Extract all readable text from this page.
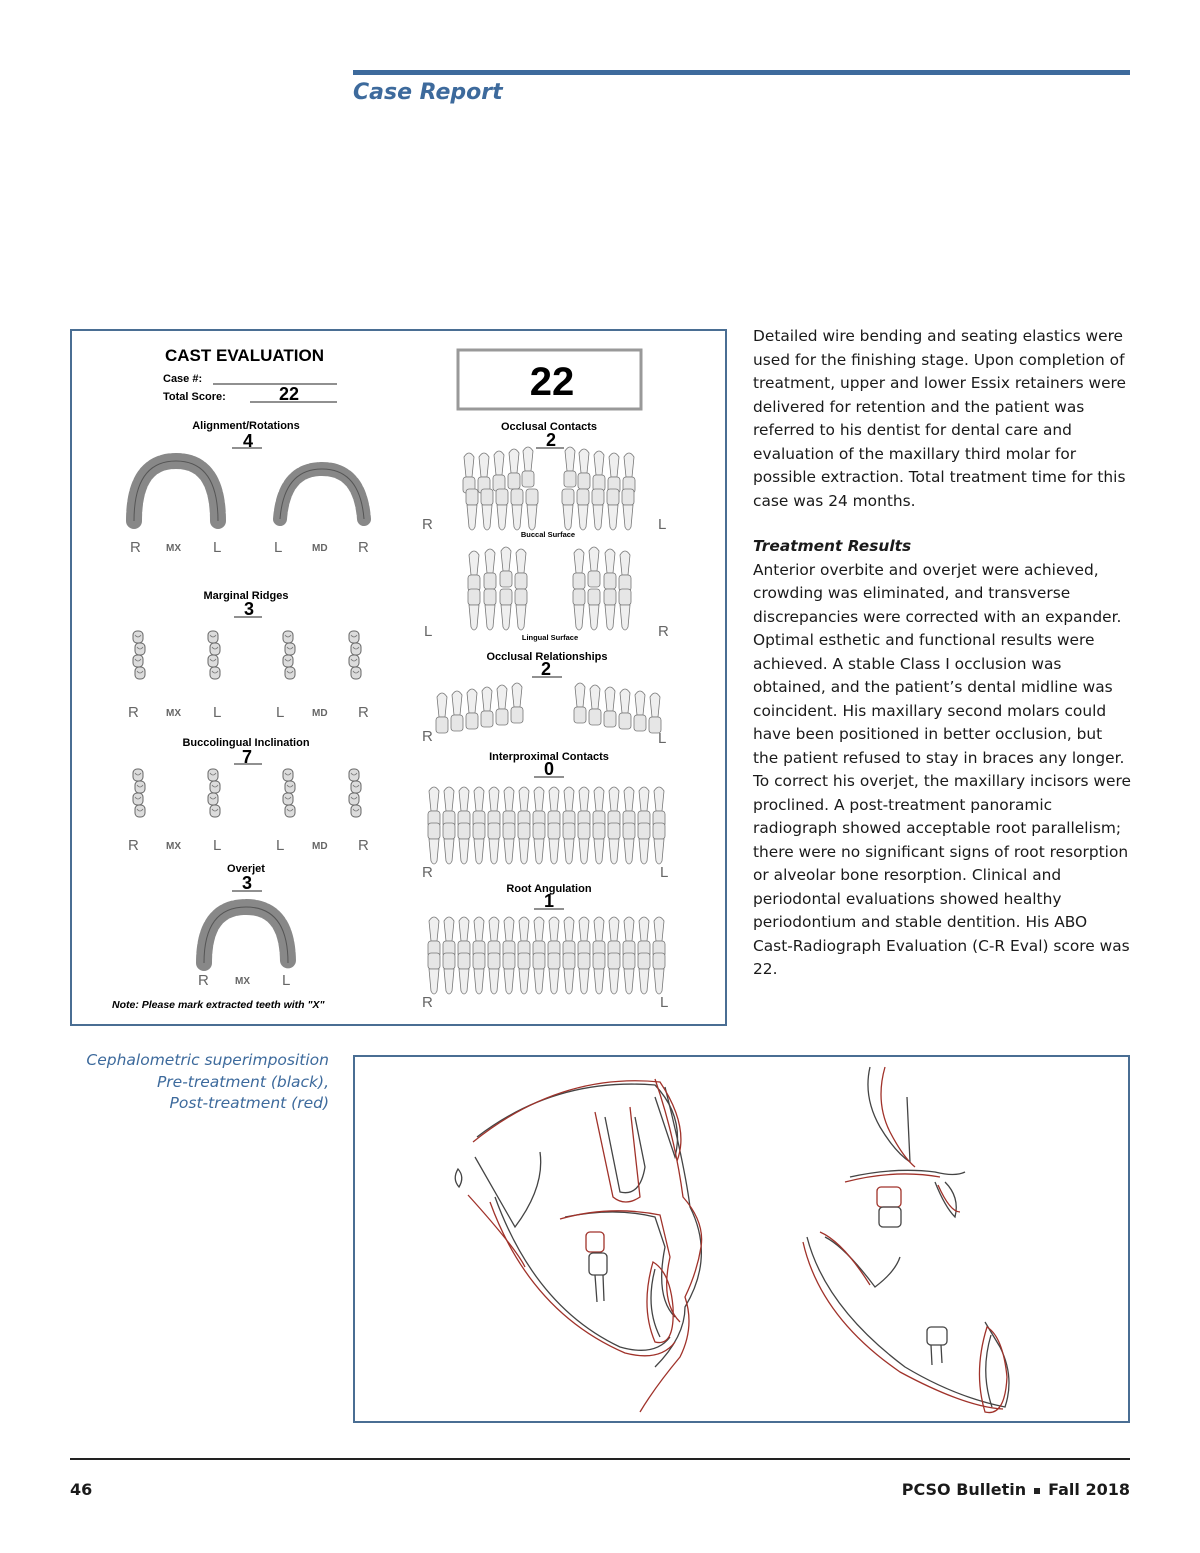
Case Report
CAST EVALUATION
Case #:
Total Score:	22	22
Alignment/Rotations
4
R	MX L	L	MD R
Marginal Ridges
3
R	MX L	L	MD R
Buccolingual Inclination
7
R	MX L	L	MD R
Overjet
3
R	MX L
Note: Please mark extracted teeth with "X"
Occlusal Contacts
2
R	L
Buccal Surface
L	R
Lingual Surface
Occlusal Relationships
2
R	L
Interproximal Contacts
0
R	L
Root Angulation
1
R	L

Detailed wire bending and seating elastics were used for the finishing stage. Upon completion of treatment, upper and lower Essix retainers were delivered for retention and the patient was referred to his dentist for dental care and evaluation of the maxillary third molar for possible extraction. Total treatment time for this case was 24 months.

Treatment Results

Anterior overbite and overjet were achieved, crowding was eliminated, and transverse discrepancies were corrected with an expander. Optimal esthetic and functional results were achieved. A stable Class I occlusion was obtained, and the patient’s dental midline was coincident. His maxillary second molars could have been positioned in better occlusion, but the patient refused to stay in braces any longer. To correct his overjet, the maxillary incisors were proclined. A post-treatment panoramic radiograph showed acceptable root parallelism; there were no significant signs of root resorption or alveolar bone resorption. Clinical and periodontal evaluations showed healthy periodontium and stable dentition. His ABO Cast-Radiograph Evaluation (C-R Eval) score was 22.

Cephalometric superimposition
Pre-treatment (black),
Post-treatment (red)
46	PCSO Bulletin Fall 2018
